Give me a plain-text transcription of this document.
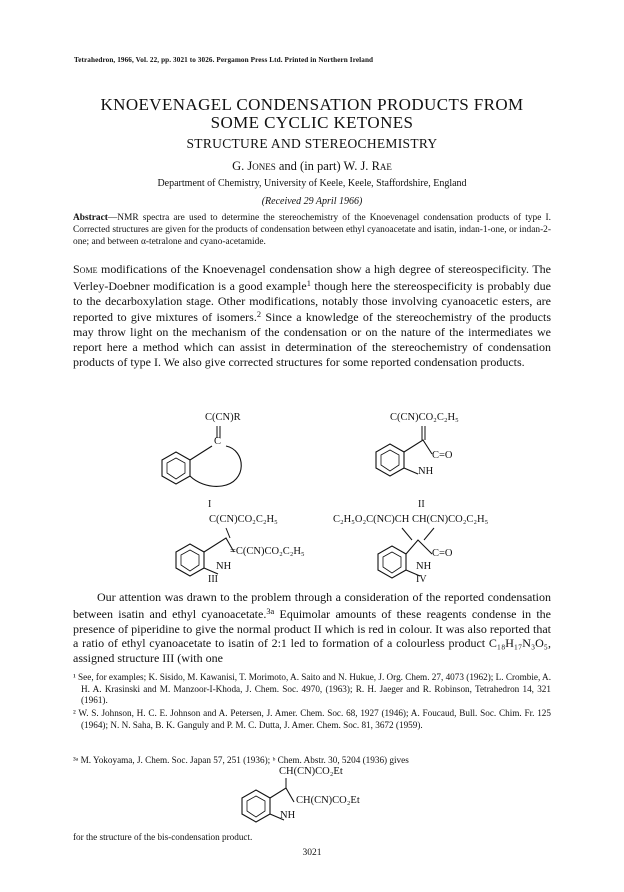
Tetrahedron, 1966, Vol. 22, pp. 3021 to 3026. Pergamon Press Ltd. Printed in Northern Ireland
KNOEVENAGEL CONDENSATION PRODUCTS FROM
SOME CYCLIC KETONES
STRUCTURE AND STEREOCHEMISTRY
G. Jones and (in part) W. J. Rae
Department of Chemistry, University of Keele, Keele, Staffordshire, England
(Received 29 April 1966)
Abstract—NMR spectra are used to determine the stereochemistry of the Knoevenagel condensation products of type I. Corrected structures are given for the products of condensation between ethyl cyanoacetate and isatin, indan-1-one, or indan-2-one; and between α-tetralone and cyano-acetamide.
Some modifications of the Knoevenagel condensation show a high degree of stereospecificity. The Verley-Doebner modification is a good example$^1$ though here the stereospecificity is probably due to the decarboxylation stage. Other modifications, notably those involving cyanoacetic esters, are reported to give mixtures of isomers.$^2$ Since a knowledge of the stereochemistry of the products may throw light on the mechanism of the condensation or on the nature of the intermediates we report here a method which can assist in determination of the stereochemistry of condensation products of type I. We also give corrected structures for some reported condensation products.
C(CN)R
C
I
C(CN)CO₂C₂H₅
C=O
NH
II
C(CN)CO₂C₂H₅
=C(CN)CO₂C₂H₅
NH
III
C₂H₅O₂C(NC)CH CH(CN)CO₂C₂H₅
C=O
NH
IV
Our attention was drawn to the problem through a consideration of the reported condensation between isatin and ethyl cyanoacetate.$^{3a}$ Equimolar amounts of these reagents condense in the presence of piperidine to give the normal product II which is red in colour. It was also reported that a ratio of ethyl cyanoacetate to isatin of 2:1 led to formation of a colourless product C₁₈H₁₇N₃O₅, assigned structure III (with one
¹ See, for examples; K. Sisido, M. Kawanisi, T. Morimoto, A. Saito and N. Hukue, J. Org. Chem. 27, 4073 (1962); L. Crombie, A. H. A. Krasinski and M. Manzoor-I-Khoda, J. Chem. Soc. 4970, (1963); R. H. Jaeger and R. Robinson, Tetrahedron 14, 321 (1961).
² W. S. Johnson, H. C. E. Johnson and A. Petersen, J. Amer. Chem. Soc. 68, 1927 (1946); A. Foucaud, Bull. Soc. Chim. Fr. 125 (1964); N. N. Saha, B. K. Ganguly and P. M. C. Dutta, J. Amer. Chem. Soc. 81, 3672 (1959).
³ᵃ M. Yokoyama, J. Chem. Soc. Japan 57, 251 (1936); ᵇ Chem. Abstr. 30, 5204 (1936) gives
CH(CN)CO₂Et
CH(CN)CO₂Et
NH
for the structure of the bis-condensation product.
3021
